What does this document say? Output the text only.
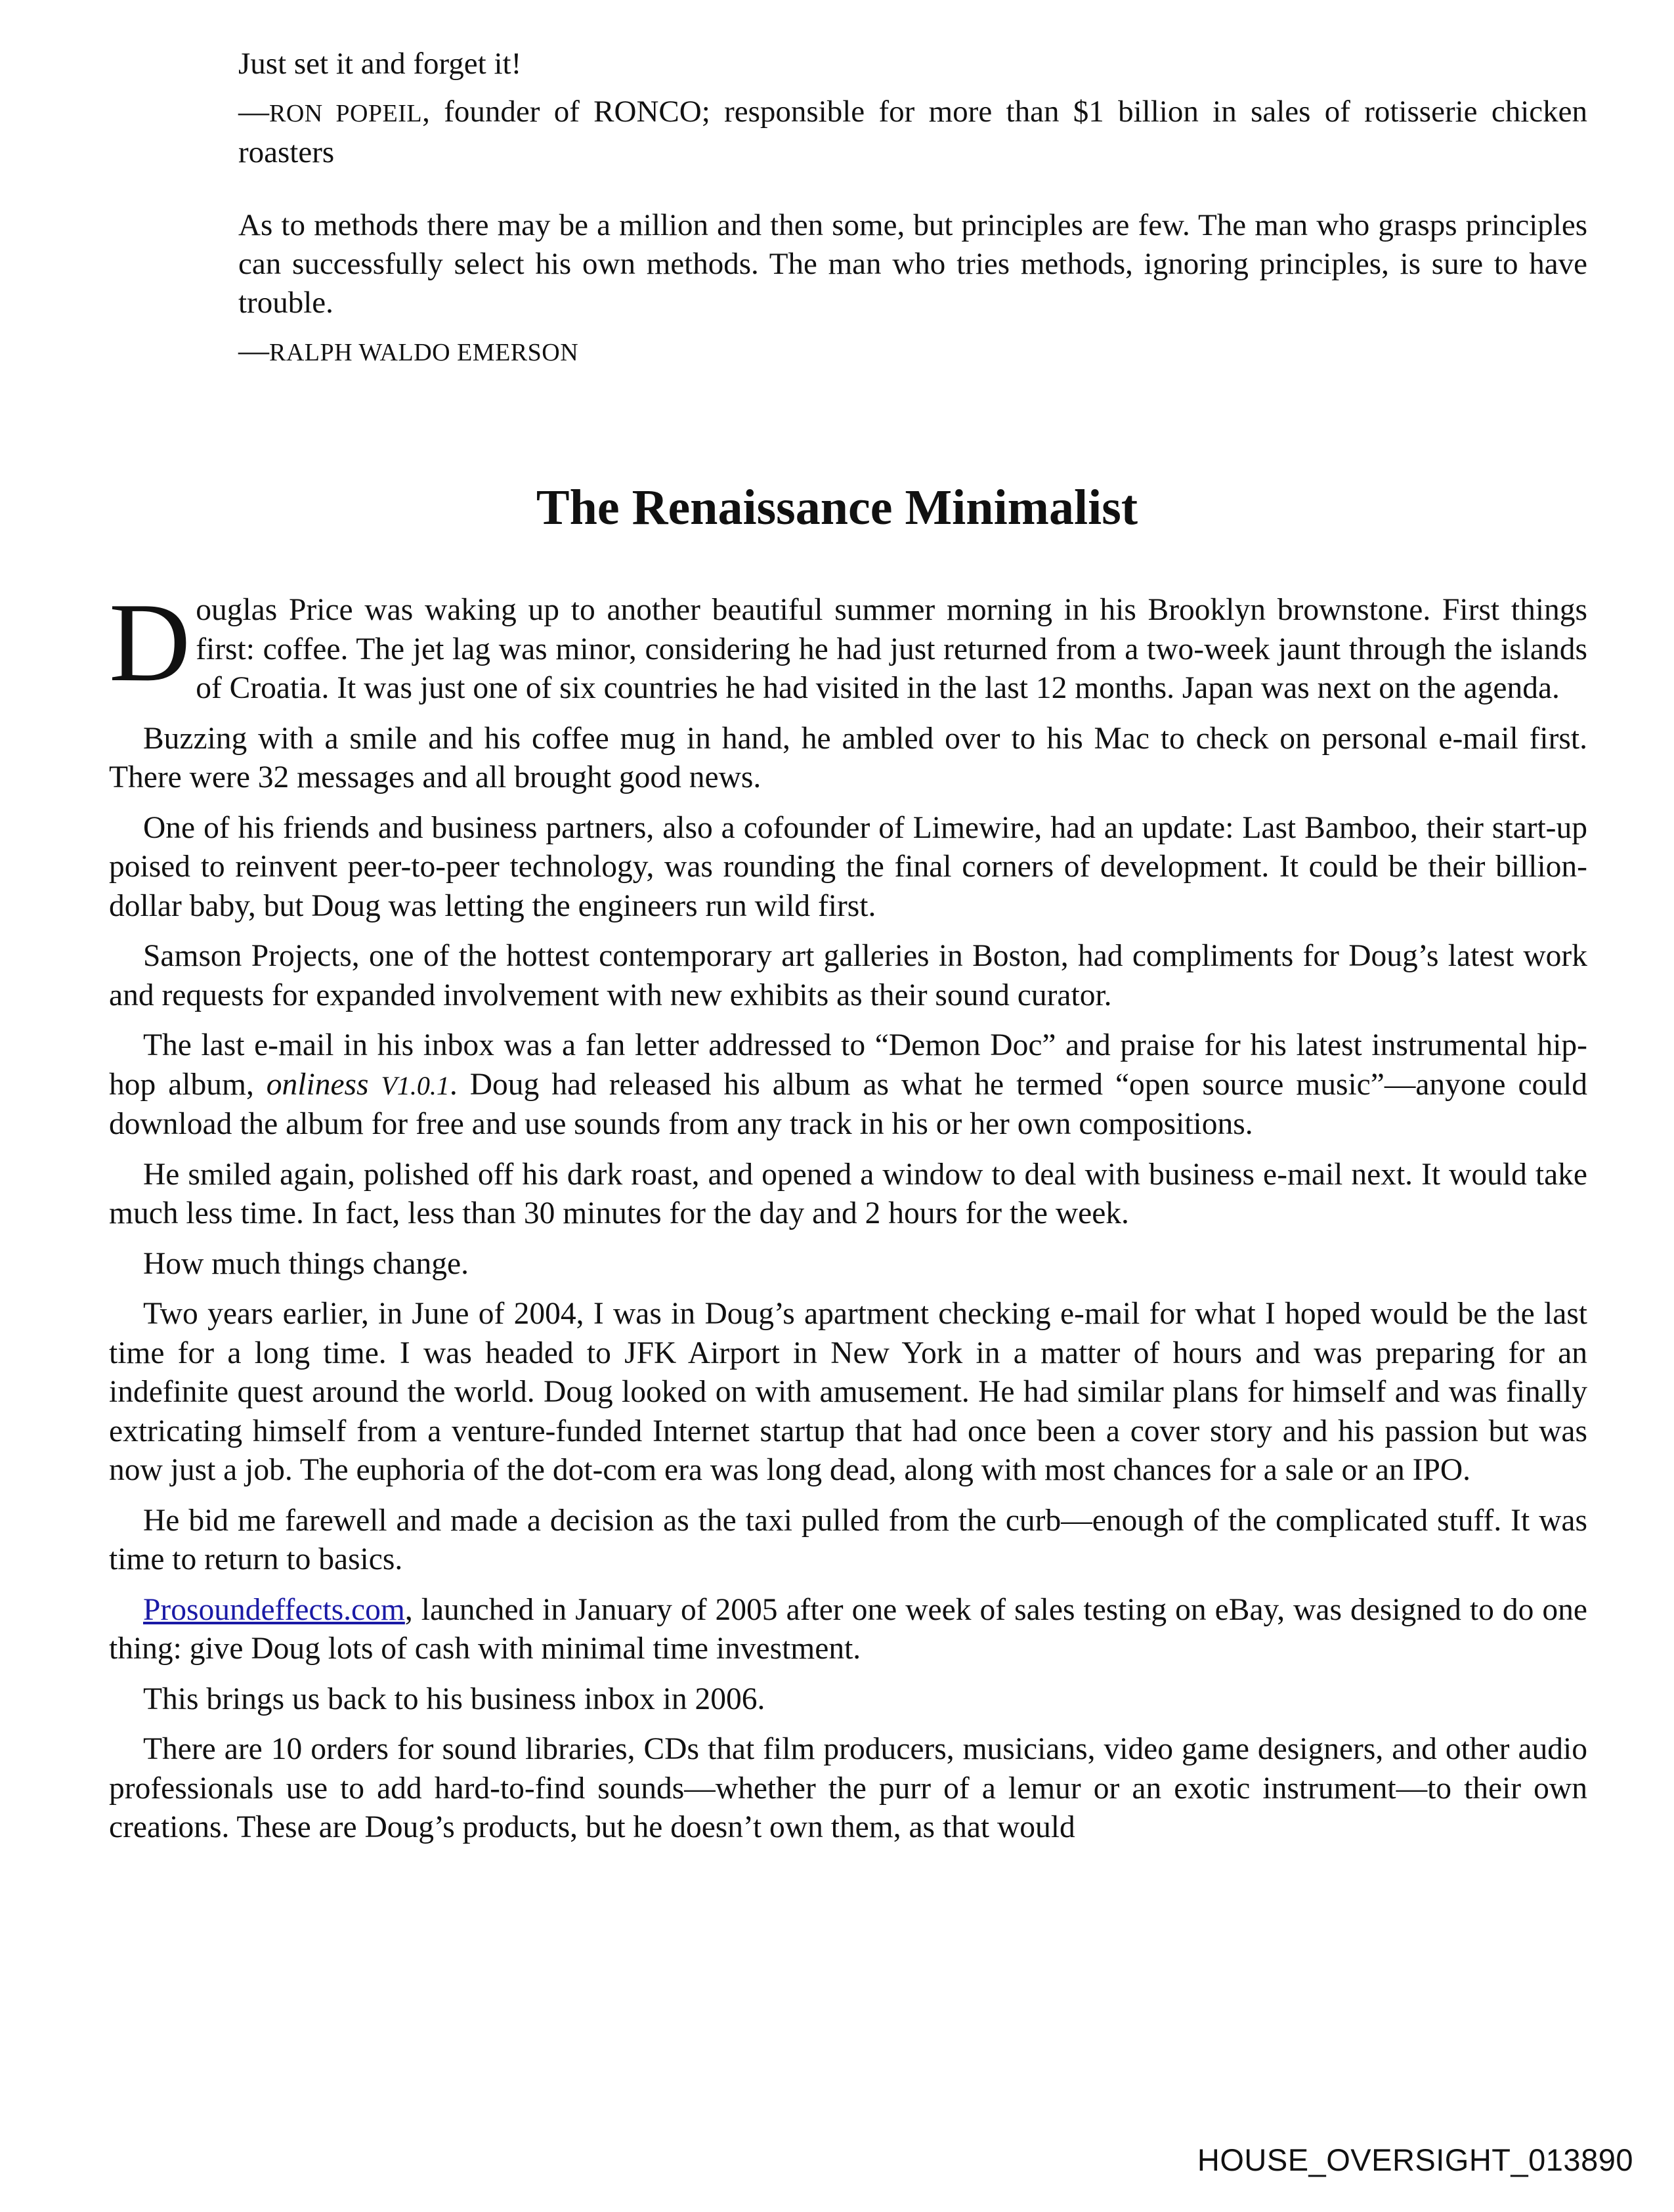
Just set it and forget it!

—RON POPEIL, founder of RONCO; responsible for more than $1 billion in sales of rotisserie chicken roasters

As to methods there may be a million and then some, but principles are few. The man who grasps principles can successfully select his own methods. The man who tries methods, ignoring principles, is sure to have trouble.

—RALPH WALDO EMERSON

The Renaissance Minimalist

Douglas Price was waking up to another beautiful summer morning in his Brooklyn brownstone. First things first: coffee. The jet lag was minor, considering he had just returned from a two-week jaunt through the islands of Croatia. It was just one of six countries he had visited in the last 12 months. Japan was next on the agenda.

Buzzing with a smile and his coffee mug in hand, he ambled over to his Mac to check on personal e-mail first. There were 32 messages and all brought good news.

One of his friends and business partners, also a cofounder of Limewire, had an update: Last Bamboo, their start-up poised to reinvent peer-to-peer technology, was rounding the final corners of development. It could be their billion-dollar baby, but Doug was letting the engineers run wild first.

Samson Projects, one of the hottest contemporary art galleries in Boston, had compliments for Doug’s latest work and requests for expanded involvement with new exhibits as their sound curator.

The last e-mail in his inbox was a fan letter addressed to “Demon Doc” and praise for his latest instrumental hip-hop album, onliness V1.0.1. Doug had released his album as what he termed “open source music”—anyone could download the album for free and use sounds from any track in his or her own compositions.

He smiled again, polished off his dark roast, and opened a window to deal with business e-mail next. It would take much less time. In fact, less than 30 minutes for the day and 2 hours for the week.

How much things change.

Two years earlier, in June of 2004, I was in Doug’s apartment checking e-mail for what I hoped would be the last time for a long time. I was headed to JFK Airport in New York in a matter of hours and was preparing for an indefinite quest around the world. Doug looked on with amusement. He had similar plans for himself and was finally extricating himself from a venture-funded Internet startup that had once been a cover story and his passion but was now just a job. The euphoria of the dot-com era was long dead, along with most chances for a sale or an IPO.

He bid me farewell and made a decision as the taxi pulled from the curb—enough of the complicated stuff. It was time to return to basics.

Prosoundeffects.com, launched in January of 2005 after one week of sales testing on eBay, was designed to do one thing: give Doug lots of cash with minimal time investment.

This brings us back to his business inbox in 2006.

There are 10 orders for sound libraries, CDs that film producers, musicians, video game designers, and other audio professionals use to add hard-to-find sounds—whether the purr of a lemur or an exotic instrument—to their own creations. These are Doug’s products, but he doesn’t own them, as that would

HOUSE_OVERSIGHT_013890
